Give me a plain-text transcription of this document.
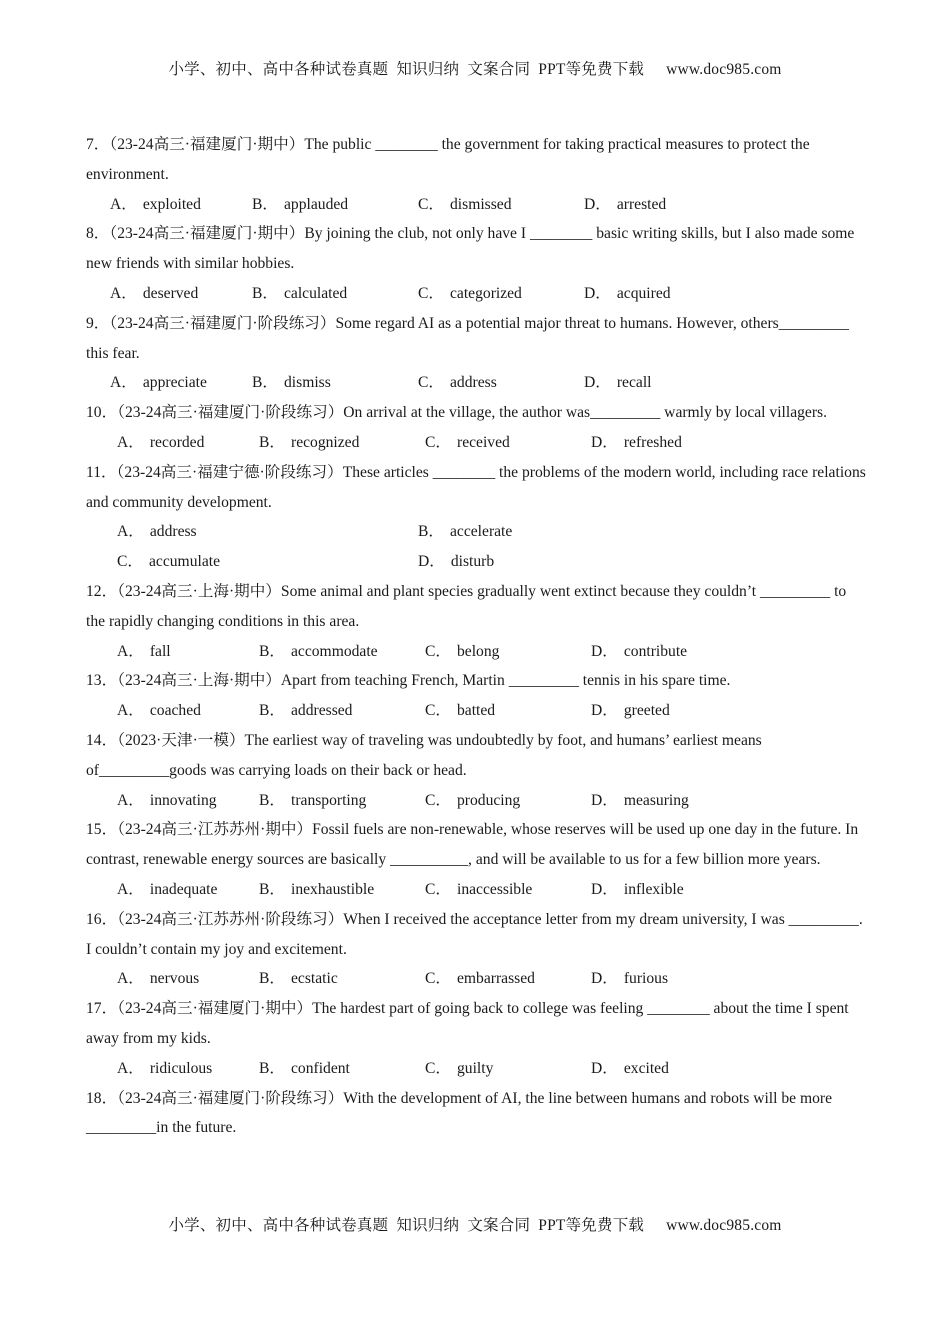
小学、初中、高中各种试卷真题  知识归纳  文案合同  PPT等免费下载 www.doc985.com
7．（23-24高三·福建厦门·期中）The public ________ the government for taking practical measures to protect the environment.
A． exploited	B． applauded	C． dismissed	D． arrested
8．（23-24高三·福建厦门·期中）By joining the club, not only have I ________ basic writing skills, but I also made some new friends with similar hobbies.
A． deserved	B． calculated	C． categorized	D． acquired
9．（23-24高三·福建厦门·阶段练习）Some regard AI as a potential major threat to humans. However, others_________ this fear.
A． appreciate	B． dismiss	C． address	D． recall
10．（23-24高三·福建厦门·阶段练习）On arrival at the village, the author was_________ warmly by local villagers.
A． recorded	B． recognized	C． received	D． refreshed
11．（23-24高三·福建宁德·阶段练习）These articles ________ the problems of the modern world, including race relations and community development.
A． address	B． accelerate
C． accumulate	D． disturb
12．（23-24高三·上海·期中）Some animal and plant species gradually went extinct because they couldn’t _________ to the rapidly changing conditions in this area.
A． fall	B． accommodate	C． belong	D． contribute
13．（23-24高三·上海·期中）Apart from teaching French, Martin _________ tennis in his spare time.
A． coached	B． addressed	C． batted	D． greeted
14．（2023·天津·一模）The earliest way of traveling was undoubtedly by foot, and humans’ earliest means of_________goods was carrying loads on their back or head.
A． innovating	B． transporting	C． producing	D． measuring
15．（23-24高三·江苏苏州·期中）Fossil fuels are non-renewable, whose reserves will be used up one day in the future. In contrast, renewable energy sources are basically __________, and will be available to us for a few billion more years.
A． inadequate	B． inexhaustible	C． inaccessible	D． inflexible
16．（23-24高三·江苏苏州·阶段练习）When I received the acceptance letter from my dream university, I was _________. I couldn’t contain my joy and excitement.
A． nervous	B． ecstatic	C． embarrassed	D． furious
17．（23-24高三·福建厦门·期中）The hardest part of going back to college was feeling ________ about the time I spent away from my kids.
A． ridiculous	B． confident	C． guilty	D． excited
18．（23-24高三·福建厦门·阶段练习）With the development of AI, the line between humans and robots will be more _________in the future.
小学、初中、高中各种试卷真题  知识归纳  文案合同  PPT等免费下载 www.doc985.com
